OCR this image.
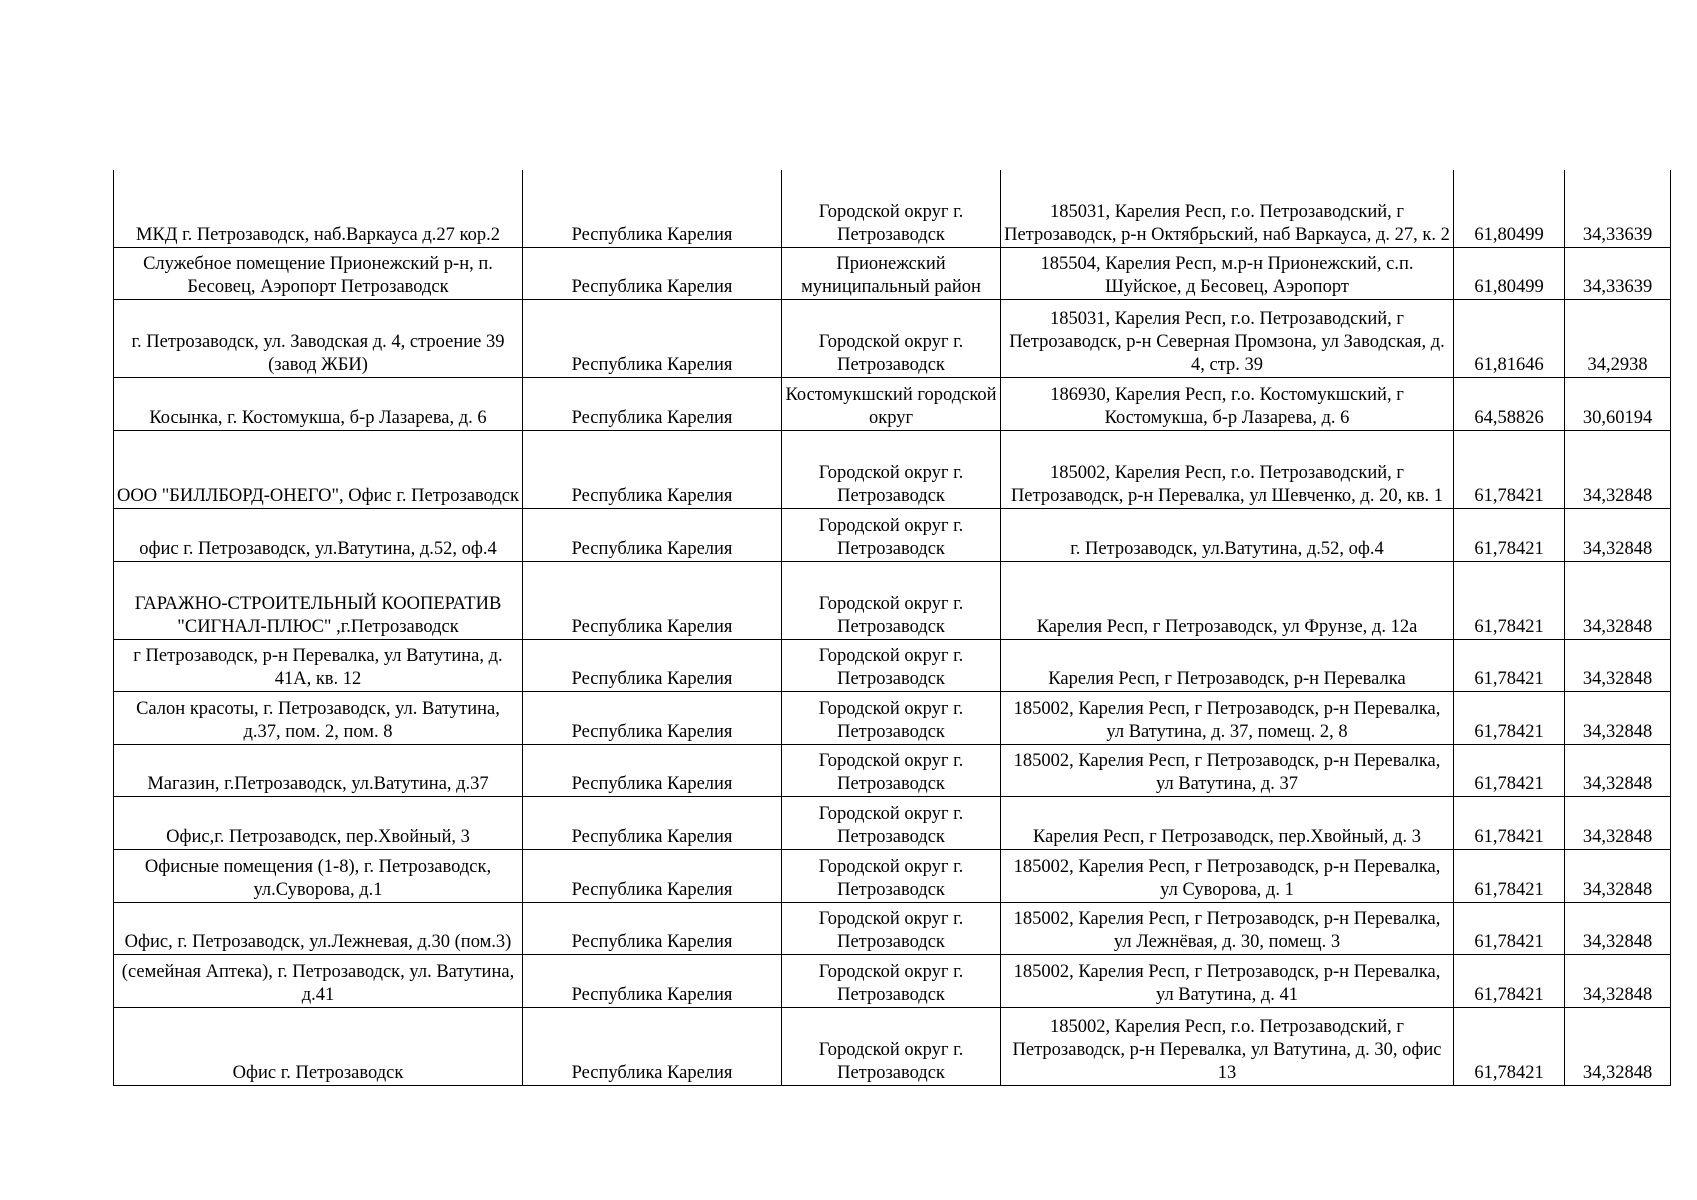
МКД г. Петрозаводск, наб.Варкауса д.27 кор.2	Республика Карелия	Городской округ г. Петрозаводск	185031, Карелия Респ, г.о. Петрозаводский, г Петрозаводск, р-н Октябрьский, наб Варкауса, д. 27, к. 2	61,80499	34,33639
Служебное помещение Прионежский р-н, п. Бесовец, Аэропорт Петрозаводск	Республика Карелия	Прионежский муниципальный район	185504, Карелия Респ, м.р-н Прионежский, с.п. Шуйское, д Бесовец, Аэропорт	61,80499	34,33639
г. Петрозаводск, ул. Заводская д. 4, строение 39 (завод ЖБИ)	Республика Карелия	Городской округ г. Петрозаводск	185031, Карелия Респ, г.о. Петрозаводский, г Петрозаводск, р-н Северная Промзона, ул Заводская, д. 4, стр. 39	61,81646	34,2938
Косынка, г. Костомукша, б-р Лазарева, д. 6	Республика Карелия	Костомукшский городской округ	186930, Карелия Респ, г.о. Костомукшский, г Костомукша, б-р Лазарева, д. 6	64,58826	30,60194
ООО "БИЛЛБОРД-ОНЕГО", Офис г. Петрозаводск	Республика Карелия	Городской округ г. Петрозаводск	185002, Карелия Респ, г.о. Петрозаводский, г Петрозаводск, р-н Перевалка, ул Шевченко, д. 20, кв. 1	61,78421	34,32848
офис г. Петрозаводск, ул.Ватутина, д.52, оф.4	Республика Карелия	Городской округ г. Петрозаводск	г. Петрозаводск, ул.Ватутина, д.52, оф.4	61,78421	34,32848
ГАРАЖНО-СТРОИТЕЛЬНЫЙ КООПЕРАТИВ "СИГНАЛ-ПЛЮС" ,г.Петрозаводск	Республика Карелия	Городской округ г. Петрозаводск	Карелия Респ, г Петрозаводск, ул Фрунзе, д. 12а	61,78421	34,32848
г Петрозаводск, р-н Перевалка, ул Ватутина, д. 41А, кв. 12	Республика Карелия	Городской округ г. Петрозаводск	Карелия Респ, г Петрозаводск, р-н Перевалка	61,78421	34,32848
Салон красоты, г. Петрозаводск, ул. Ватутина, д.37, пом. 2, пом. 8	Республика Карелия	Городской округ г. Петрозаводск	185002, Карелия Респ, г Петрозаводск, р-н Перевалка, ул Ватутина, д. 37, помещ. 2, 8	61,78421	34,32848
Магазин, г.Петрозаводск, ул.Ватутина, д.37	Республика Карелия	Городской округ г. Петрозаводск	185002, Карелия Респ, г Петрозаводск, р-н Перевалка, ул Ватутина, д. 37	61,78421	34,32848
Офис,г. Петрозаводск, пер.Хвойный, 3	Республика Карелия	Городской округ г. Петрозаводск	Карелия Респ, г Петрозаводск, пер.Хвойный, д. 3	61,78421	34,32848
Офисные помещения (1-8), г. Петрозаводск, ул.Суворова, д.1	Республика Карелия	Городской округ г. Петрозаводск	185002, Карелия Респ, г Петрозаводск, р-н Перевалка, ул Суворова, д. 1	61,78421	34,32848
Офис, г. Петрозаводск, ул.Лежневая, д.30 (пом.3)	Республика Карелия	Городской округ г. Петрозаводск	185002, Карелия Респ, г Петрозаводск, р-н Перевалка, ул Лежнёвая, д. 30, помещ. 3	61,78421	34,32848
(семейная Аптека), г. Петрозаводск, ул. Ватутина, д.41	Республика Карелия	Городской округ г. Петрозаводск	185002, Карелия Респ, г Петрозаводск, р-н Перевалка, ул Ватутина, д. 41	61,78421	34,32848
Офис г. Петрозаводск	Республика Карелия	Городской округ г. Петрозаводск	185002, Карелия Респ, г.о. Петрозаводский, г Петрозаводск, р-н Перевалка, ул Ватутина, д. 30, офис 13	61,78421	34,32848
